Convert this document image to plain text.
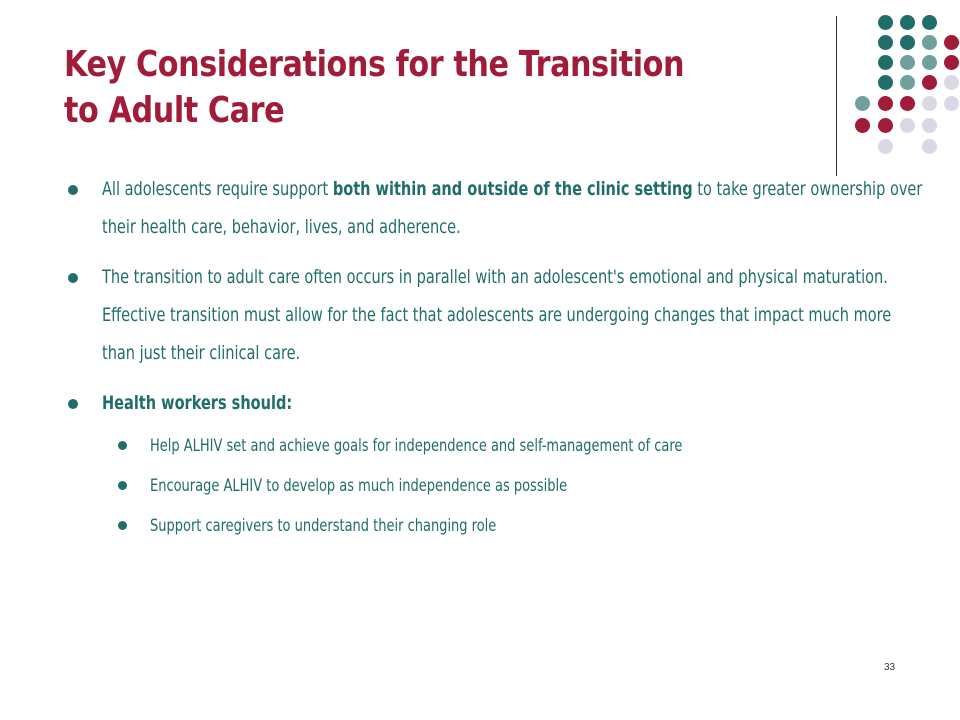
Key Considerations for the Transition
to Adult Care
All adolescents require support both within and outside of the clinic setting to take greater ownership over their health care, behavior, lives, and adherence.
The transition to adult care often occurs in parallel with an adolescent's emotional and physical maturation. Effective transition must allow for the fact that adolescents are undergoing changes that impact much more than just their clinical care.
Health workers should:
Help ALHIV set and achieve goals for independence and self-management of care
Encourage ALHIV to develop as much independence as possible
Support caregivers to understand their changing role
33
